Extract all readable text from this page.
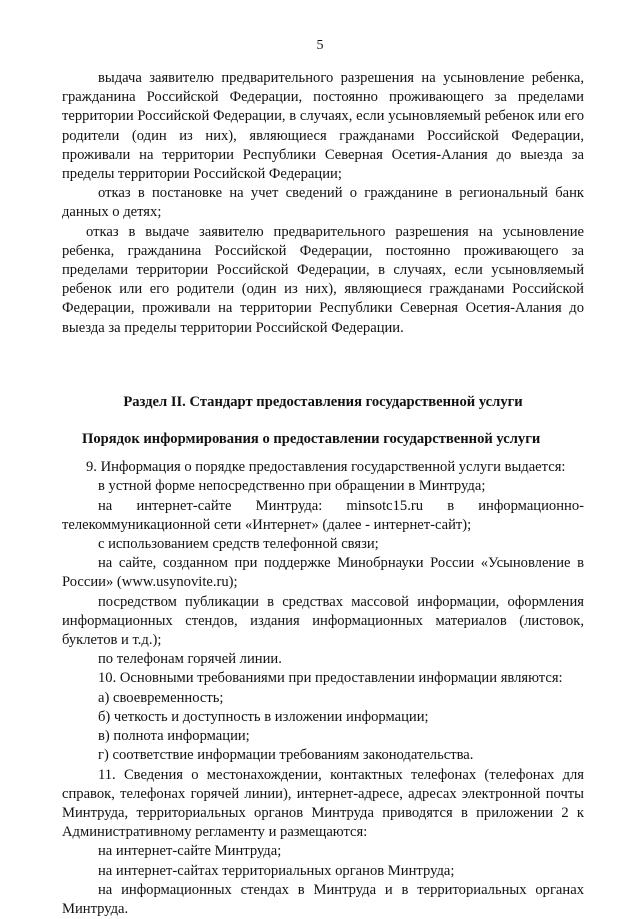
5

выдача заявителю предварительного разрешения на усыновление ребенка, гражданина Российской Федерации, постоянно проживающего за пределами территории Российской Федерации, в случаях, если усыновляемый ребенок или его родители (один из них), являющиеся гражданами Российской Федерации, проживали на территории Республики Северная Осетия-Алания до выезда за пределы территории Российской Федерации;

отказ в постановке на учет сведений о гражданине в региональный банк данных о детях;

отказ в выдаче заявителю предварительного разрешения на усыновление ребенка, гражданина Российской Федерации, постоянно проживающего за пределами территории Российской Федерации, в случаях, если усыновляемый ребенок или его родители (один из них), являющиеся гражданами Российской Федерации, проживали на территории Республики Северная Осетия-Алания до выезда за пределы территории Российской Федерации.

Раздел II. Стандарт предоставления государственной услуги
Порядок информирования о предоставлении государственной услуги

9. Информация о порядке предоставления государственной услуги выдается:

в устной форме непосредственно при обращении в Минтруда;

на интернет-сайте Минтруда: minsotc15.ru в информационно-телекоммуникационной сети «Интернет» (далее - интернет-сайт);

с использованием средств телефонной связи;

на сайте, созданном при поддержке Минобрнауки России «Усыновление в России» (www.usynovite.ru);

посредством публикации в средствах массовой информации, оформления информационных стендов, издания информационных материалов (листовок, буклетов и т.д.);

по телефонам горячей линии.

10. Основными требованиями при предоставлении информации являются:

а) своевременность;

б) четкость и доступность в изложении информации;

в) полнота информации;

г) соответствие информации требованиям законодательства.

11. Сведения о местонахождении, контактных телефонах (телефонах для справок, телефонах горячей линии), интернет-адресе, адресах электронной почты Минтруда, территориальных органов Минтруда приводятся в приложении 2 к Административному регламенту и размещаются:

на интернет-сайте Минтруда;

на интернет-сайтах территориальных органов Минтруда;

на информационных стендах в Минтруда и в территориальных органах Минтруда.
